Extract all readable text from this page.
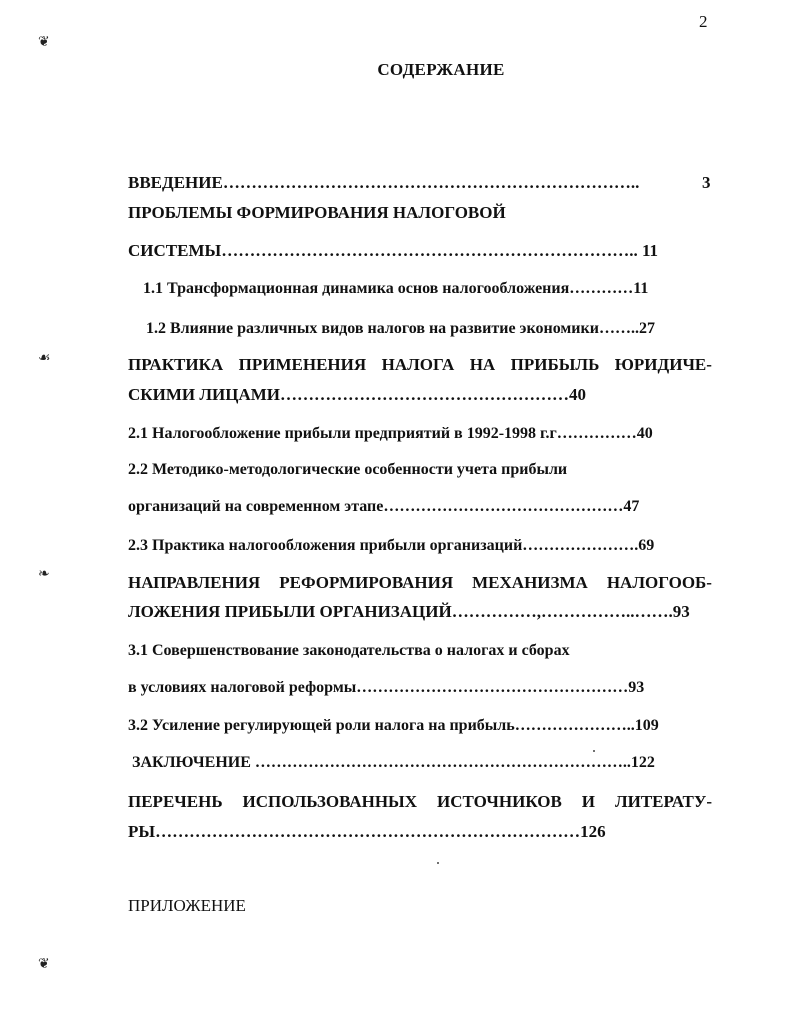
2
СОДЕРЖАНИЕ
❦
☙
❧
❦
ВВЕДЕНИЕ………………………………………………………………..	3
ПРОБЛЕМЫ ФОРМИРОВАНИЯ НАЛОГОВОЙ
СИСТЕМЫ……………………………………………………………….. 11
1.1 Трансформационная динамика основ налогообложения…………11
1.2 Влияние различных видов налогов на развитие экономики……..27
ПРАКТИКА ПРИМЕНЕНИЯ НАЛОГА НА ПРИБЫЛЬ ЮРИДИЧЕ-
СКИМИ ЛИЦАМИ……………………………………………40
2.1 Налогообложение прибыли предприятий в 1992-1998 г.г……………40
2.2 Методико-методологические особенности учета прибыли
организаций на современном этапе………………………………………47
2.3 Практика налогообложения прибыли организаций………………….69
НАПРАВЛЕНИЯ РЕФОРМИРОВАНИЯ МЕХАНИЗМА НАЛОГООБ-
ЛОЖЕНИЯ ПРИБЫЛИ ОРГАНИЗАЦИЙ……………,……………..…….93
3.1 Совершенствование законодательства о налогах и сборах
в условиях налоговой реформы……………………………………………93
3.2 Усиление регулирующей роли налога на прибыль…………………..109
ЗАКЛЮЧЕНИЕ ……………………………………………………………..122
ПЕРЕЧЕНЬ ИСПОЛЬЗОВАННЫХ ИСТОЧНИКОВ И ЛИТЕРАТУ-
РЫ…………………………………………………………………126
ПРИЛОЖЕНИЕ
